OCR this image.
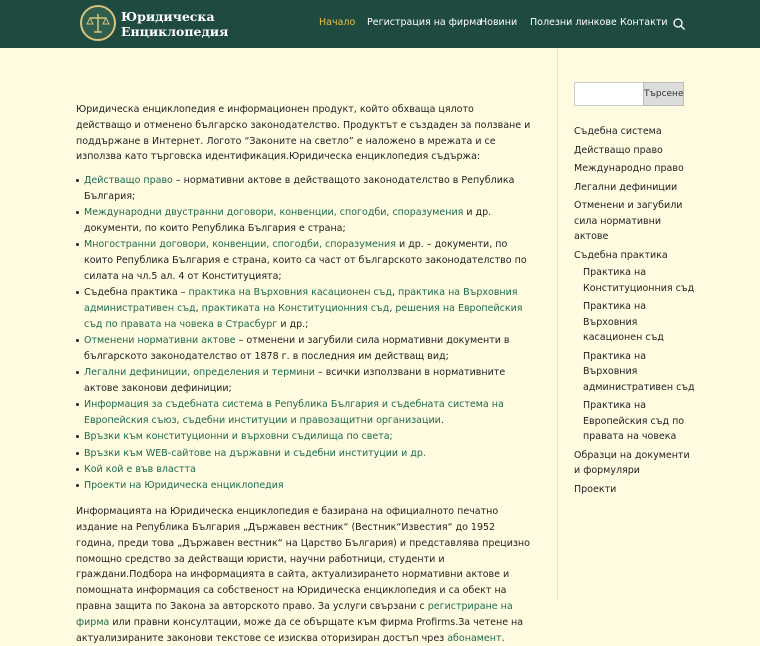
Юридическа
Енциклопедия
Начало Регистрация на фирма
Новини Полезни линкове Контакти

Юридическа енциклопедия е информационен продукт, който обхваща цялото действащо и отменено българско законодателство. Продуктът е създаден за ползване и поддържане в Интернет. Логото “Законите на светло” е наложено в мрежата и се използва като търговска идентификация.Юридическа енциклопедия съдържа:

Действащо право – нормативни актове в действащото законодателство в Република България;
Международни двустранни договори, конвенции, спогодби, споразумения и др. документи, по които Република България е страна;
Многостранни договори, конвенции, спогодби, споразумения и др. – документи, по които Република България е страна, които са част от българското законодателство по силата на чл.5 ал. 4 от Конституцията;
Съдебна практика – практика на Върховния касационен съд, практика на Върховния административен съд, практиката на Конституционния съд, решения на Европейския съд по правата на човека в Страсбург и др.;
Отменени нормативни актове – отменени и загубили сила нормативни документи в българското законодателство от 1878 г. в последния им действащ вид;
Легални дефиниции, определения и термини – всички използвани в нормативните актове законови дефиниции;
Информация за съдебната система в Република България и съдебната система на Европейския съюз, съдебни институции и правозащитни организации.
Връзки към конституционни и върховни съдилища по света;
Връзки към WEB-сайтове на държавни и съдебни институции и др.
Кой кой е във властта
Проекти на Юридическа енциклопедия

Информацията на Юридическа енциклопедия е базирана на официалното печатно издание на Република България „Държавен вестник“ (Вестник“Известия“ до 1952 година, преди това „Държавен вестник“ на Царство България) и представлява прецизно помощно средство за действащи юристи, научни работници, студенти и граждани.Подбора на информацията в сайта, актуализирането нормативни актове и помощната информация са собственост на Юридическа енциклопедия и са обект на правна защита по Закона за авторското право. За услуги свързани с регистриране на фирма или правни консултации, може да се обърщате към фирма Profirms.За четене на актуализираните законови текстове се изисква оторизиран достъп чрез абонамент.

Търсене
Съдебна система
Действащо право
Международно право
Легални дефиниции
Отменени и загубили сила нормативни актове
Съдебна практика
Практика на Конституционния съд
Практика на Върховния касационен съд
Практика на Върховния административен съд
Практика на Европейския съд по правата на човека
Образци на документи и формуляри
Проекти
